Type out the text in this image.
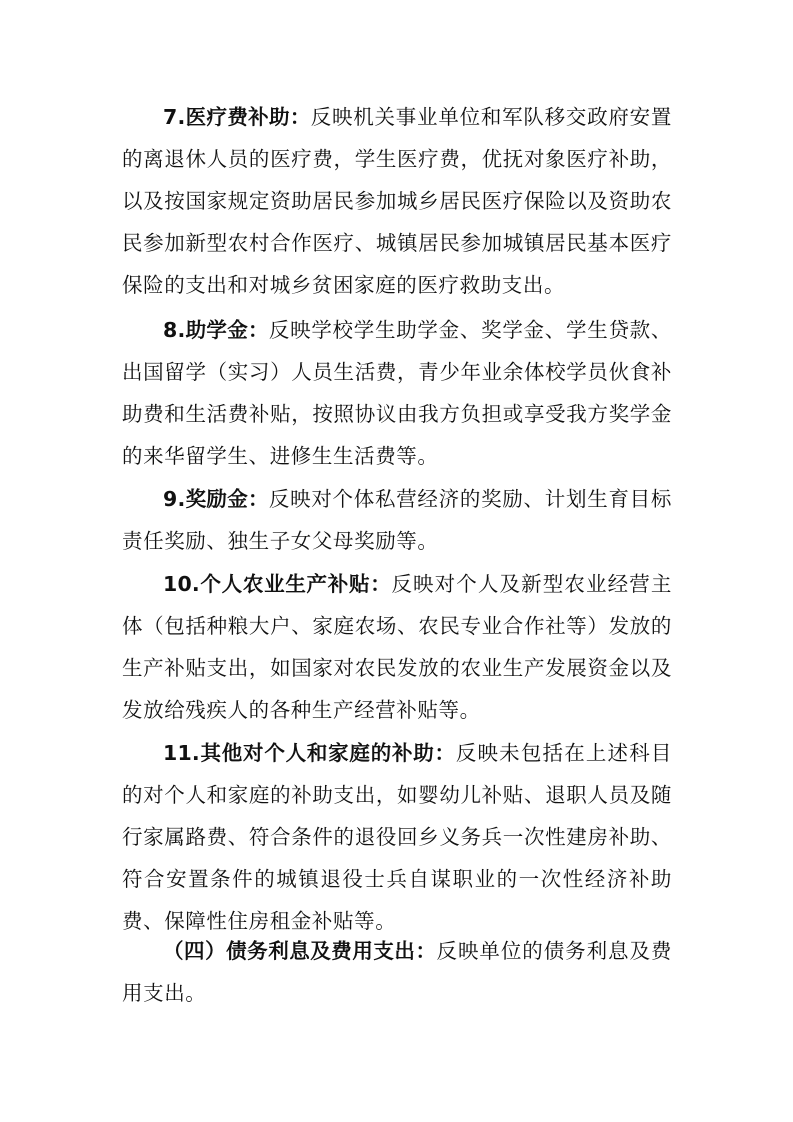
7.医疗费补助：反映机关事业单位和军队移交政府安置的离退休人员的医疗费，学生医疗费，优抚对象医疗补助，以及按国家规定资助居民参加城乡居民医疗保险以及资助农民参加新型农村合作医疗、城镇居民参加城镇居民基本医疗保险的支出和对城乡贫困家庭的医疗救助支出。

8.助学金：反映学校学生助学金、奖学金、学生贷款、出国留学（实习）人员生活费，青少年业余体校学员伙食补助费和生活费补贴，按照协议由我方负担或享受我方奖学金的来华留学生、进修生生活费等。

9.奖励金：反映对个体私营经济的奖励、计划生育目标责任奖励、独生子女父母奖励等。

10.个人农业生产补贴：反映对个人及新型农业经营主体（包括种粮大户、家庭农场、农民专业合作社等）发放的生产补贴支出，如国家对农民发放的农业生产发展资金以及发放给残疾人的各种生产经营补贴等。

11.其他对个人和家庭的补助：反映未包括在上述科目的对个人和家庭的补助支出，如婴幼儿补贴、退职人员及随行家属路费、符合条件的退役回乡义务兵一次性建房补助、符合安置条件的城镇退役士兵自谋职业的一次性经济补助费、保障性住房租金补贴等。

（四）债务利息及费用支出：反映单位的债务利息及费用支出。
